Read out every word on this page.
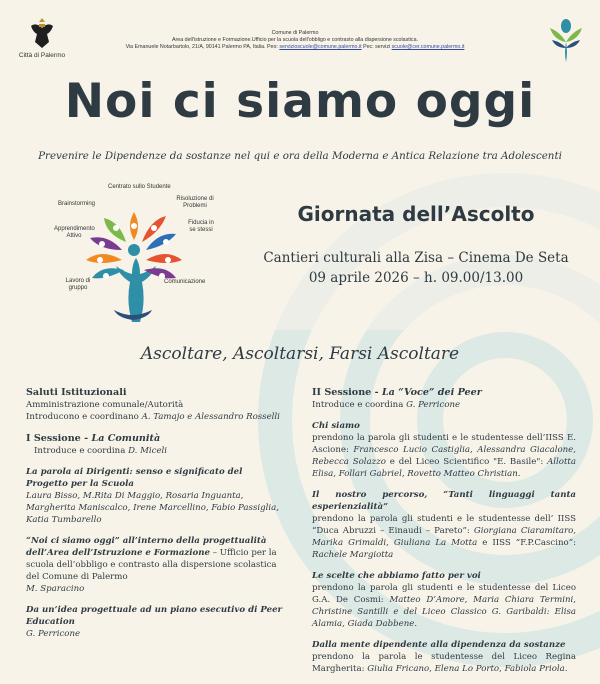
Città di Palermo
Comune di Palermo
Area dell'istruzione e Formazione.Ufficio per la scuola dell'obbligo e contrasto alla dispersione scolastica.
Via Emanuele Notarbartolo, 21/A, 90141 Palermo PA, Italia. Peo: servizioscuole@comune.palermo.it Pec: servizi scuole@cer.comune.palermo.it
Noi ci siamo oggi
Prevenire le Dipendenze da sostanze nel qui e ora della Moderna e Antica Relazione tra Adolescenti
Centrato sullo Studente
Brainstorming
Risoluzione di Problemi
Apprendimento Attivo
Fiducia in se stessi
Lavoro di gruppo
Comunicazione
Giornata dell’Ascolto
Cantieri culturali alla Zisa – Cinema De Seta
09 aprile 2026 – h. 09.00/13.00
Ascoltare, Ascoltarsi, Farsi Ascoltare

Saluti Istituzionali

Amministrazione comunale/Autorità

Introducono e coordinano A. Tamajo e Alessandro Rosselli

I Sessione - La Comunità

Introduce e coordina D. Miceli

La parola ai Dirigenti: senso e significato del Progetto per la Scuola

Laura Bisso, M.Rita Di Maggio, Rosaria Inguanta, Margherita Maniscalco, Irene Marcellino, Fabio Passiglia, Katia Tumbarello

“Noi ci siamo oggi” all’interno della progettualità dell’Area dell’Istruzione e Formazione – Ufficio per la scuola dell’obbligo e contrasto alla dispersione scolastica del Comune di Palermo

M. Sparacino

Da un’idea progettuale ad un piano esecutivo di Peer Education

G. Perricone

II Sessione - La “Voce” dei Peer

Introduce e coordina G. Perricone

Chi siamo

prendono la parola gli studenti e le studentesse dell’IISS E. Ascione: Francesco Lucio Castiglia, Alessandra Giacalone, Rebecca Solazzo e del Liceo Scientifico "E. Basile": Allotta Elisa, Follari Gabriel, Rovetto Matteo Christian.

Il nostro percorso, “Tanti linguaggi tanta esperienzialità”

prendono la parola gli studenti e le studentesse dell’ IISS “Duca Abruzzi – Einaudi – Pareto”: Giorgiana Ciaramitaro, Marika Grimaldi, Giuliana La Motta e IISS “F.P.Cascino”: Rachele Margiotta

Le scelte che abbiamo fatto per voi

prendono la parola gli studenti e le studentesse del Liceo G.A. De Cosmi: Matteo D’Amore, Maria Chiara Termini, Christine Santilli e del Liceo Classico G. Garibaldi: Elisa Alamia, Giada Dabbene.

Dalla mente dipendente alla dipendenza da sostanze

prendono la parola le studentesse del Liceo Regina Margherita: Giulia Fricano, Elena Lo Porto, Fabiola Priola.
